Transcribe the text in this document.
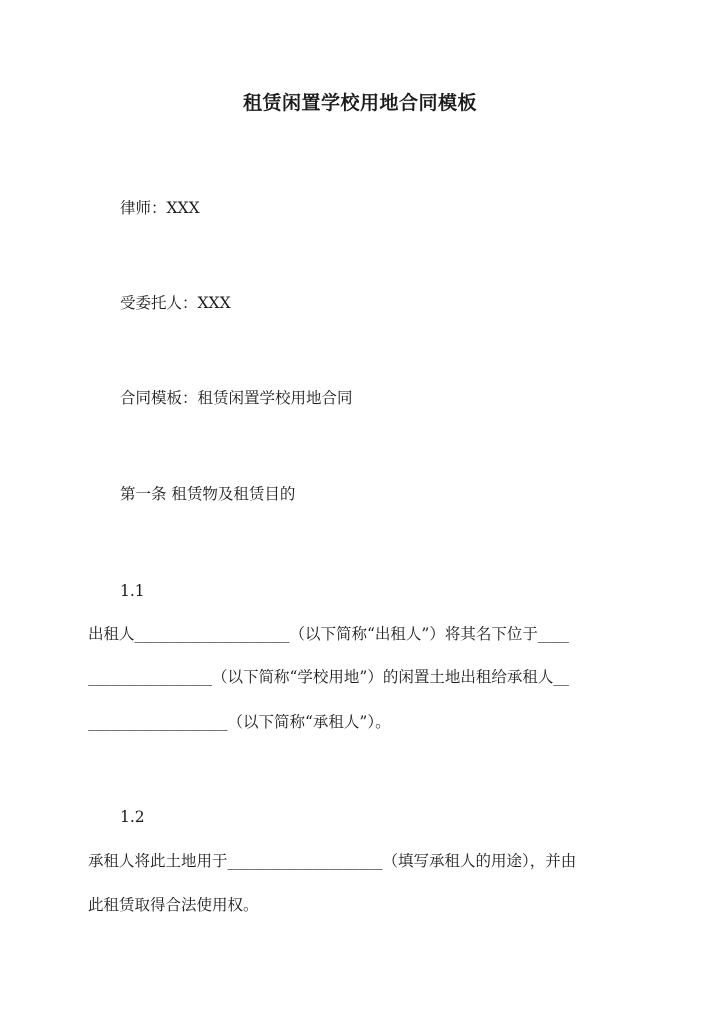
租赁闲置学校用地合同模板
律师：XXX
受委托人：XXX
合同模板：租赁闲置学校用地合同
第一条 租赁物及租赁目的
1.1
出租人____________________（以下简称“出租人”）将其名下位于____
________________（以下简称“学校用地”）的闲置土地出租给承租人__
__________________（以下简称“承租人”）。
1.2
承租人将此土地用于____________________（填写承租人的用途），并由
此租赁取得合法使用权。
